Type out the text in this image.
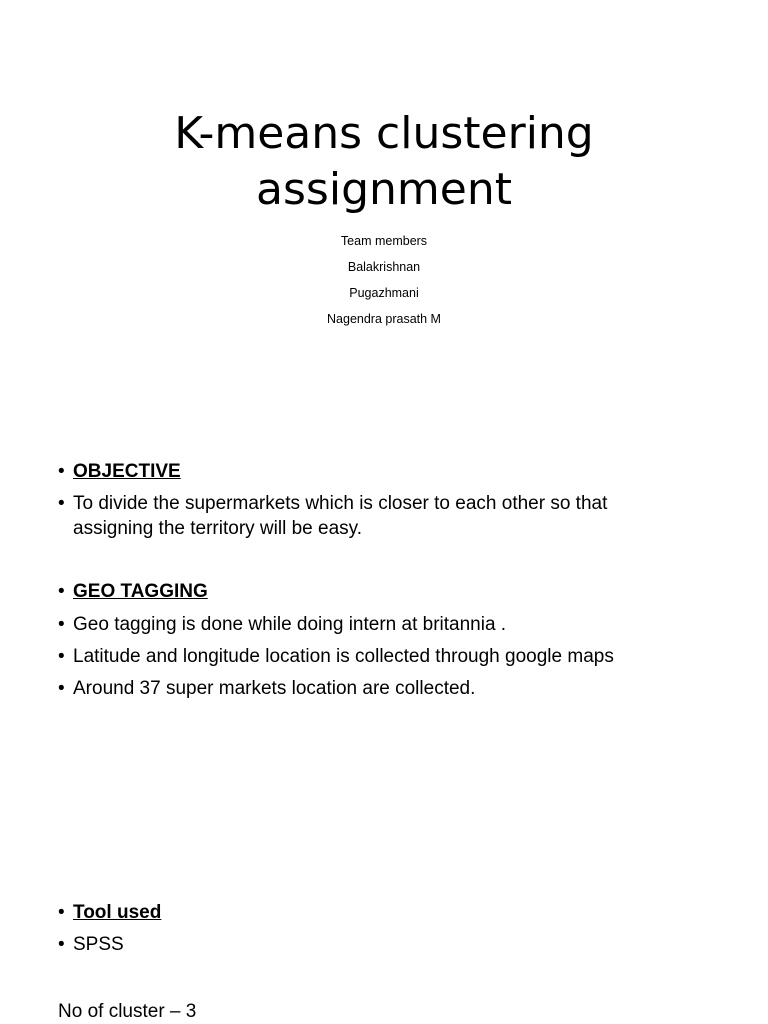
K-means clustering
assignment
Team members
Balakrishnan
Pugazhmani
Nagendra prasath M
• OBJECTIVE
• To divide the supermarkets which is closer to each other so that assigning the territory will be easy.
• GEO TAGGING
• Geo tagging is done while doing intern at britannia .
• Latitude and longitude location is collected through google maps
• Around 37 super markets location are collected.
• Tool used
• SPSS
No of cluster – 3
